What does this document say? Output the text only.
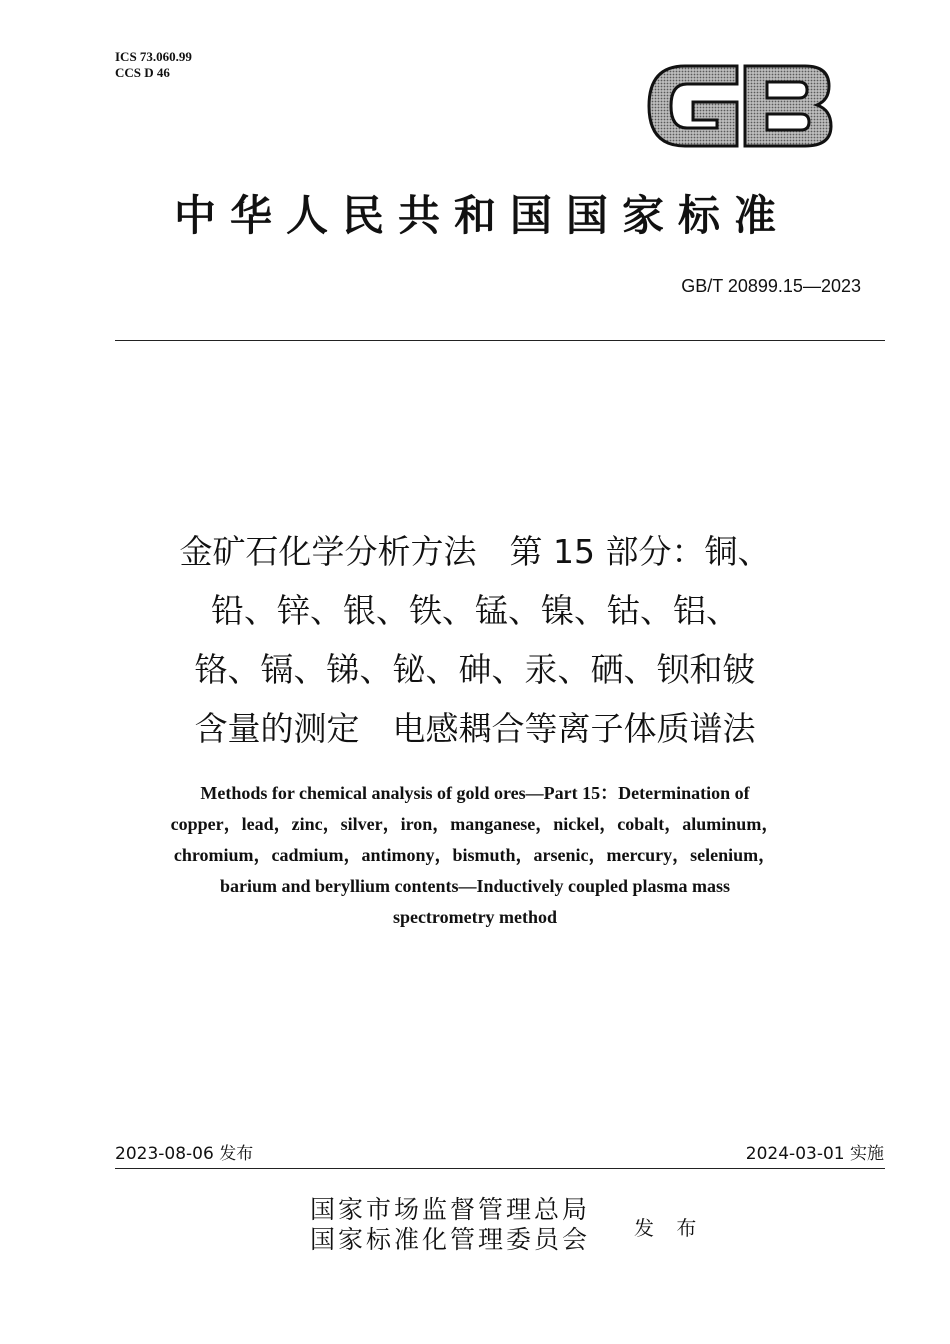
ICS 73.060.99
CCS D 46
GB
中华人民共和国国家标准
GB/T 20899.15—2023
金矿石化学分析方法　第 15 部分：铜、
铅、锌、银、铁、锰、镍、钴、铝、
铬、镉、锑、铋、砷、汞、硒、钡和铍
含量的测定　电感耦合等离子体质谱法
Methods for chemical analysis of gold ores—Part 15：Determination of
copper，lead，zinc，silver，iron，manganese，nickel，cobalt，aluminum，
chromium，cadmium，antimony，bismuth，arsenic，mercury，selenium，
barium and beryllium contents—Inductively coupled plasma mass
spectrometry method
2023-08-06 发布	2024-03-01 实施
国家市场监督管理总局
国家标准化管理委员会 发 布
